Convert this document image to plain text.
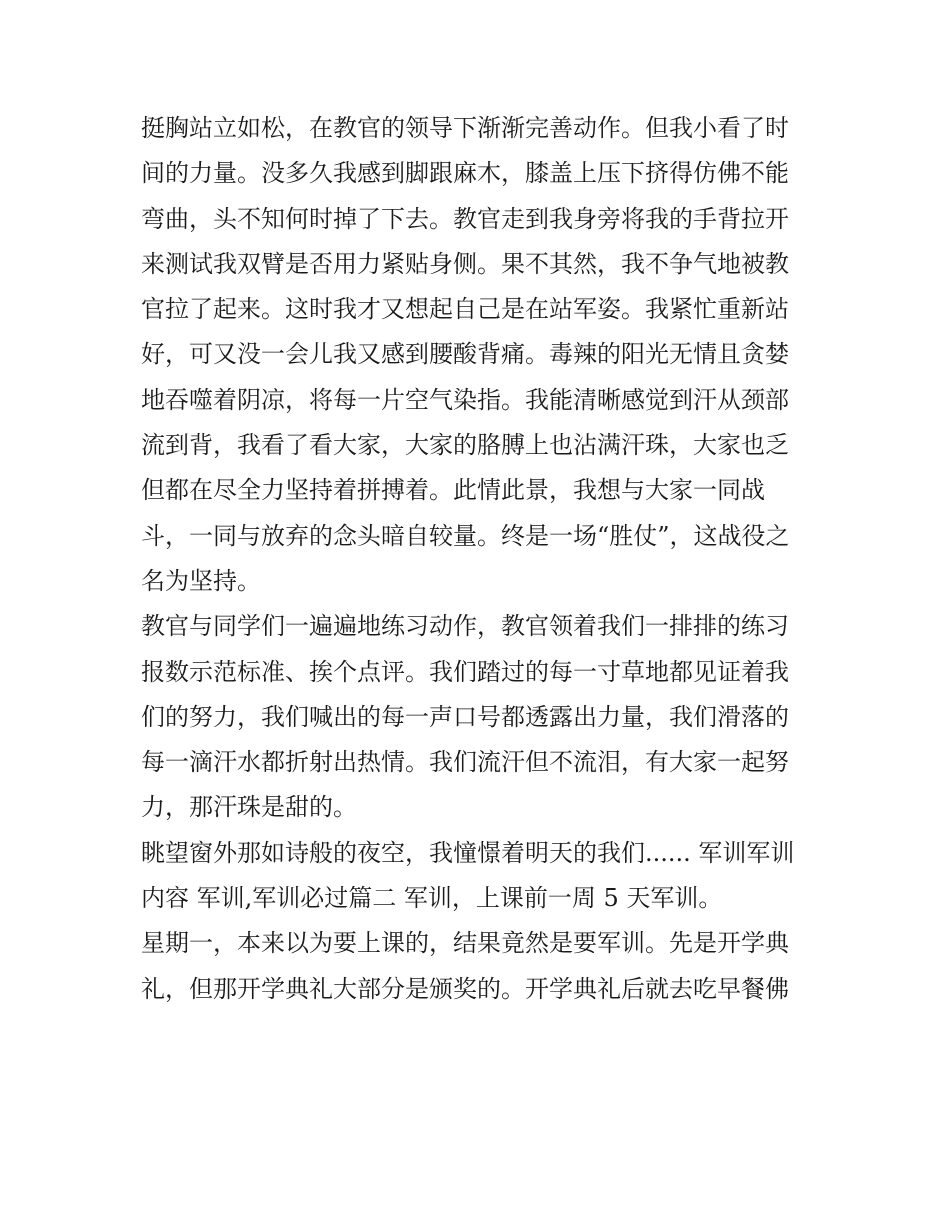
挺胸站立如松，在教官的领导下渐渐完善动作。但我小看了时
间的力量。没多久我感到脚跟麻木，膝盖上压下挤得仿佛不能
弯曲，头不知何时掉了下去。教官走到我身旁将我的手背拉开
来测试我双臂是否用力紧贴身侧。果不其然，我不争气地被教
官拉了起来。这时我才又想起自己是在站军姿。我紧忙重新站
好，可又没一会儿我又感到腰酸背痛。毒辣的阳光无情且贪婪
地吞噬着阴凉，将每一片空气染指。我能清晰感觉到汗从颈部
流到背，我看了看大家，大家的胳膊上也沾满汗珠，大家也乏
但都在尽全力坚持着拼搏着。此情此景，我想与大家一同战
斗，一同与放弃的念头暗自较量。终是一场“胜仗”，这战役之
名为坚持。
教官与同学们一遍遍地练习动作，教官领着我们一排排的练习
报数示范标准、挨个点评。我们踏过的每一寸草地都见证着我
们的努力，我们喊出的每一声口号都透露出力量，我们滑落的
每一滴汗水都折射出热情。我们流汗但不流泪，有大家一起努
力，那汗珠是甜的。
眺望窗外那如诗般的夜空，我憧憬着明天的我们...... 军训军训
内容 军训,军训必过篇二 军训，上课前一周 5 天军训。
星期一，本来以为要上课的，结果竟然是要军训。先是开学典
礼，但那开学典礼大部分是颁奖的。开学典礼后就去吃早餐佛
